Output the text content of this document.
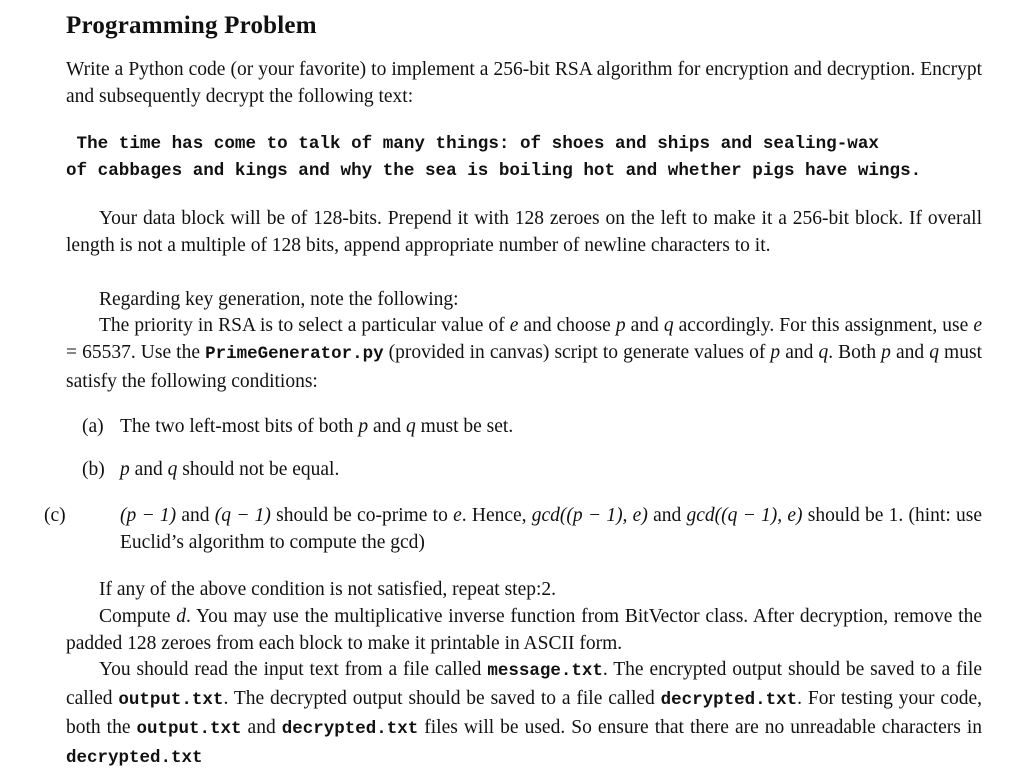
Programming Problem

Write a Python code (or your favorite) to implement a 256-bit RSA algorithm for encryption and decryption. Encrypt and subsequently decrypt the following text:

The time has come to talk of many things: of shoes and ships and sealing-wax
of cabbages and kings and why the sea is boiling hot and whether pigs have wings.

Your data block will be of 128-bits. Prepend it with 128 zeroes on the left to make it a 256-bit block. If overall length is not a multiple of 128 bits, append appropriate number of newline characters to it.

Regarding key generation, note the following:

The priority in RSA is to select a particular value of e and choose p and q accordingly. For this assignment, use e = 65537. Use the PrimeGenerator.py (provided in canvas) script to generate values of p and q. Both p and q must satisfy the following conditions:

(a) The two left-most bits of both p and q must be set.
(b) p and q should not be equal.
(c)	(p − 1) and (q − 1) should be co-prime to e. Hence, gcd((p − 1), e) and gcd((q − 1), e) should be 1. (hint: use Euclid’s algorithm to compute the gcd)

If any of the above condition is not satisfied, repeat step:2.

Compute d. You may use the multiplicative inverse function from BitVector class. After decryption, remove the padded 128 zeroes from each block to make it printable in ASCII form.

You should read the input text from a file called message.txt. The encrypted output should be saved to a file called output.txt. The decrypted output should be saved to a file called decrypted.txt. For testing your code, both the output.txt and decrypted.txt files will be used. So ensure that there are no unreadable characters in decrypted.txt
